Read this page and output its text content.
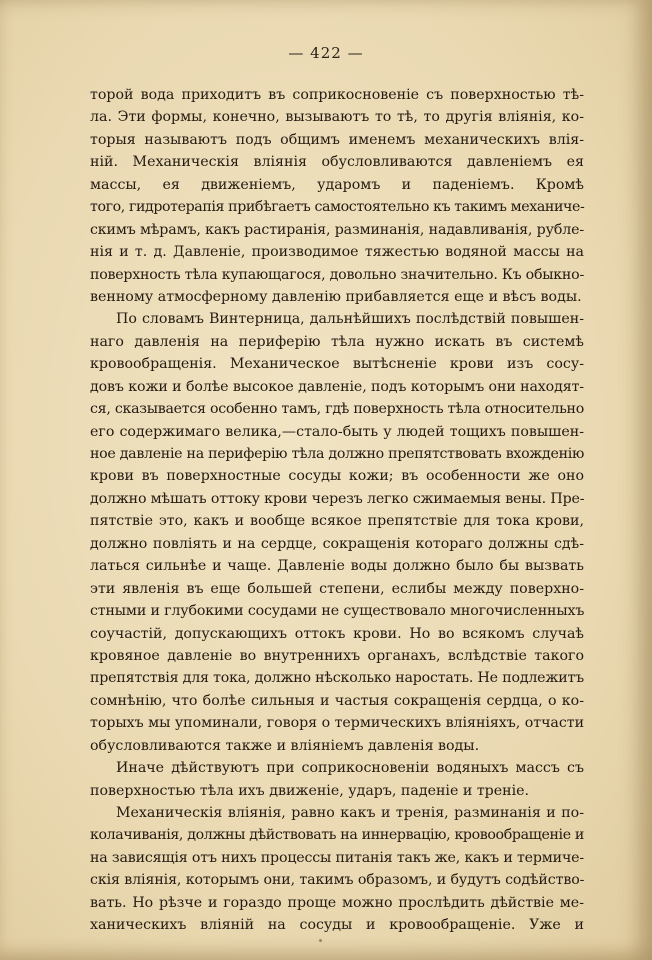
— 422 —
торой вода приходитъ въ соприкосновеніе съ поверхностью тѣ-
ла. Эти формы, конечно, вызываютъ то тѣ, то другія вліянія, ко-
торыя называютъ подъ общимъ именемъ механическихъ влія-
ній. Механическія вліянія обусловливаются давленіемъ ея
массы, ея движеніемъ, ударомъ и паденіемъ. Кромѣ
того, гидротерапія прибѣгаетъ самостоятельно къ такимъ механиче-
скимъ мѣрамъ, какъ растиранія, разминанія, надавливанія, рубле-
нія и т. д. Давленіе, производимое тяжестью водяной массы на
поверхность тѣла купающагося, довольно значительно. Къ обыкно-
венному атмосферному давленію прибавляется еще и вѣсъ воды.
По словамъ Винтерница, дальнѣйшихъ послѣдствій повышен-
наго давленія на периферію тѣла нужно искать въ системѣ
кровообращенія. Механическое вытѣсненіе крови изъ сосу-
довъ кожи и болѣе высокое давленіе, подъ которымъ они находят-
ся, сказывается особенно тамъ, гдѣ поверхность тѣла относительно
его содержимаго велика,—стало-быть у людей тощихъ повышен-
ное давленіе на периферію тѣла должно препятствовать вхожденію
крови въ поверхностные сосуды кожи; въ особенности же оно
должно мѣшать оттоку крови черезъ легко сжимаемыя вены. Пре-
пятствіе это, какъ и вообще всякое препятствіе для тока крови,
должно повліять и на сердце, сокращенія котораго должны сдѣ-
латься сильнѣе и чаще. Давленіе воды должно было бы вызвать
эти явленія въ еще большей степени, еслибы между поверхно-
стными и глубокими сосудами не существовало многочисленныхъ
соучастій, допускающихъ оттокъ крови. Но во всякомъ случаѣ
кровяное давленіе во внутреннихъ органахъ, вслѣдствіе такого
препятствія для тока, должно нѣсколько наростать. Не подлежитъ
сомнѣнію, что болѣе сильныя и частыя сокращенія сердца, о ко-
торыхъ мы упоминали, говоря о термическихъ вліяніяхъ, отчасти
обусловливаются также и вліяніемъ давленія воды.
Иначе дѣйствуютъ при соприкосновеніи водяныхъ массъ съ
поверхностью тѣла ихъ движеніе, ударъ, паденіе и треніе.
Механическія вліянія, равно какъ и тренія, разминанія и по-
колачиванія, должны дѣйствовать на иннервацію, кровообращеніе и
на зависящія отъ нихъ процессы питанія такъ же, какъ и термиче-
скія вліянія, которымъ они, такимъ образомъ, и будутъ содѣйство-
вать. Но рѣзче и гораздо проще можно прослѣдить дѣйствіе ме-
ханическихъ вліяній на сосуды и кровообращеніе. Уже и
